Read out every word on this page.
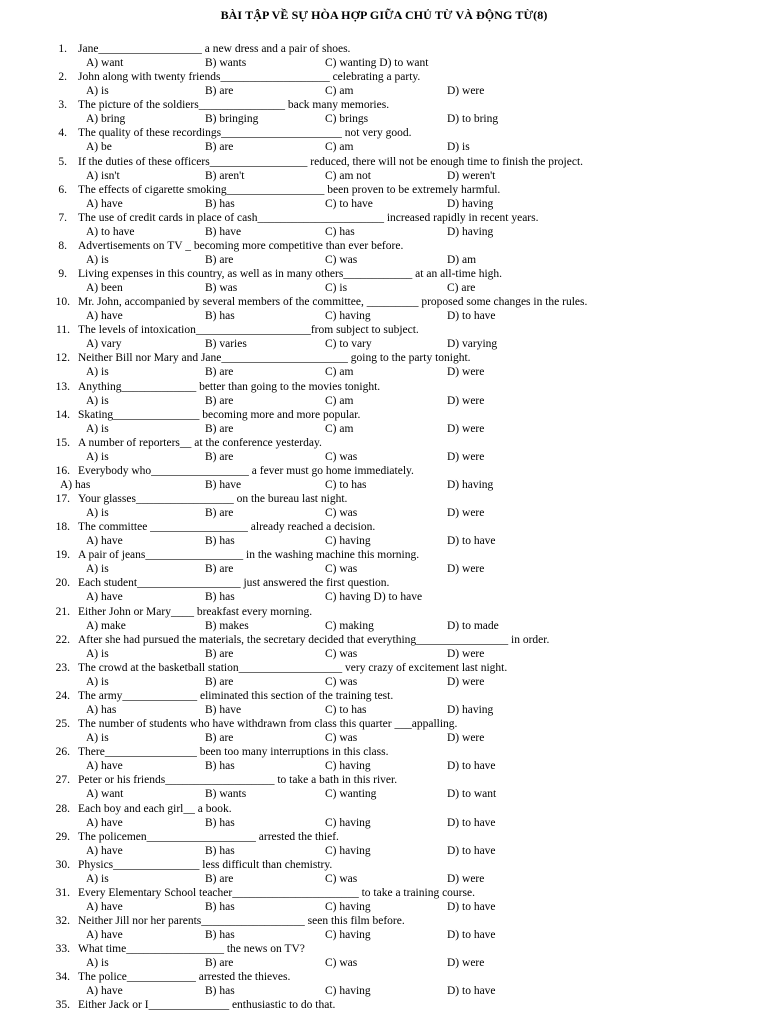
BÀI TẬP VỀ SỰ HÒA HỢP GIỮA CHỦ TỪ VÀ ĐỘNG TỪ(8)
1. Jane__________________ a new dress and a pair of shoes.
A) want	B) wants	C) wanting D) to want
2. John along with twenty friends___________________ celebrating a party.
A) is	B) are	C) am	D) were
3. The picture of the soldiers_______________ back many memories.
A) bring	B) bringing	C) brings	D) to bring
4. The quality of these recordings_____________________ not very good.
A) be	B) are	C) am	D) is
5. If the duties of these officers_________________ reduced, there will not be enough time to finish the project.
A) isn't	B) aren't	C) am not	D) weren't
6. The effects of cigarette smoking_________________ been proven to be extremely harmful.
A) have	B) has	C) to have	D) having
7. The use of credit cards in place of cash______________________ increased rapidly in recent years.
A) to have	B) have	C) has	D) having
8. Advertisements on TV _ becoming more competitive than ever before.
A) is	B) are	C) was	D) am
9. Living expenses in this country, as well as in many others____________ at an all-time high.
A) been	B) was	C) is	C) are
10. Mr. John, accompanied by several members of the committee, _________ proposed some changes in the rules.
A) have	B) has	C) having	D) to have
11. The levels of intoxication____________________from subject to subject.
A) vary	B) varies	C) to vary	D) varying
12. Neither Bill nor Mary and Jane______________________ going to the party tonight.
A) is	B) are	C) am	D) were
13. Anything_____________ better than going to the movies tonight.
A) is	B) are	C) am	D) were
14. Skating_______________ becoming more and more popular.
A) is	B) are	C) am	D) were
15. A number of reporters__ at the conference yesterday.
A) is	B) are	C) was	D) were
16. Everybody who_________________ a fever must go home immediately.
A) has	B) have	C) to has	D) having
17. Your glasses_________________ on the bureau last night.
A) is	B) are	C) was	D) were
18. The committee _________________ already reached a decision.
A) have	B) has	C) having	D) to have
19. A pair of jeans_________________ in the washing machine this morning.
A) is	B) are	C) was	D) were
20. Each student__________________ just answered the first question.
A) have	B) has	C) having D) to have
21. Either John or Mary____ breakfast every morning.
A) make	B) makes	C) making	D) to made
22. After she had pursued the materials, the secretary decided that everything________________ in order.
A) is	B) are	C) was	D) were
23. The crowd at the basketball station__________________ very crazy of excitement last night.
A) is	B) are	C) was	D) were
24. The army_____________ eliminated this section of the training test.
A) has	B) have	C) to has	D) having
25. The number of students who have withdrawn from class this quarter ___appalling.
A) is	B) are	C) was	D) were
26. There________________ been too many interruptions in this class.
A) have	B) has	C) having	D) to have
27. Peter or his friends___________________ to take a bath in this river.
A) want	B) wants	C) wanting	D) to want
28. Each boy and each girl__ a book.
A) have	B) has	C) having	D) to have
29. The policemen___________________ arrested the thief.
A) have	B) has	C) having	D) to have
30. Physics_______________ less difficult than chemistry.
A) is	B) are	C) was	D) were
31. Every Elementary School teacher______________________ to take a training course.
A) have	B) has	C) having	D) to have
32. Neither Jill nor her parents__________________ seen this film before.
A) have	B) has	C) having	D) to have
33. What time_________________ the news on TV?
A) is	B) are	C) was	D) were
34. The police____________ arrested the thieves.
A) have	B) has	C) having	D) to have
35. Either Jack or I______________ enthusiastic to do that.
